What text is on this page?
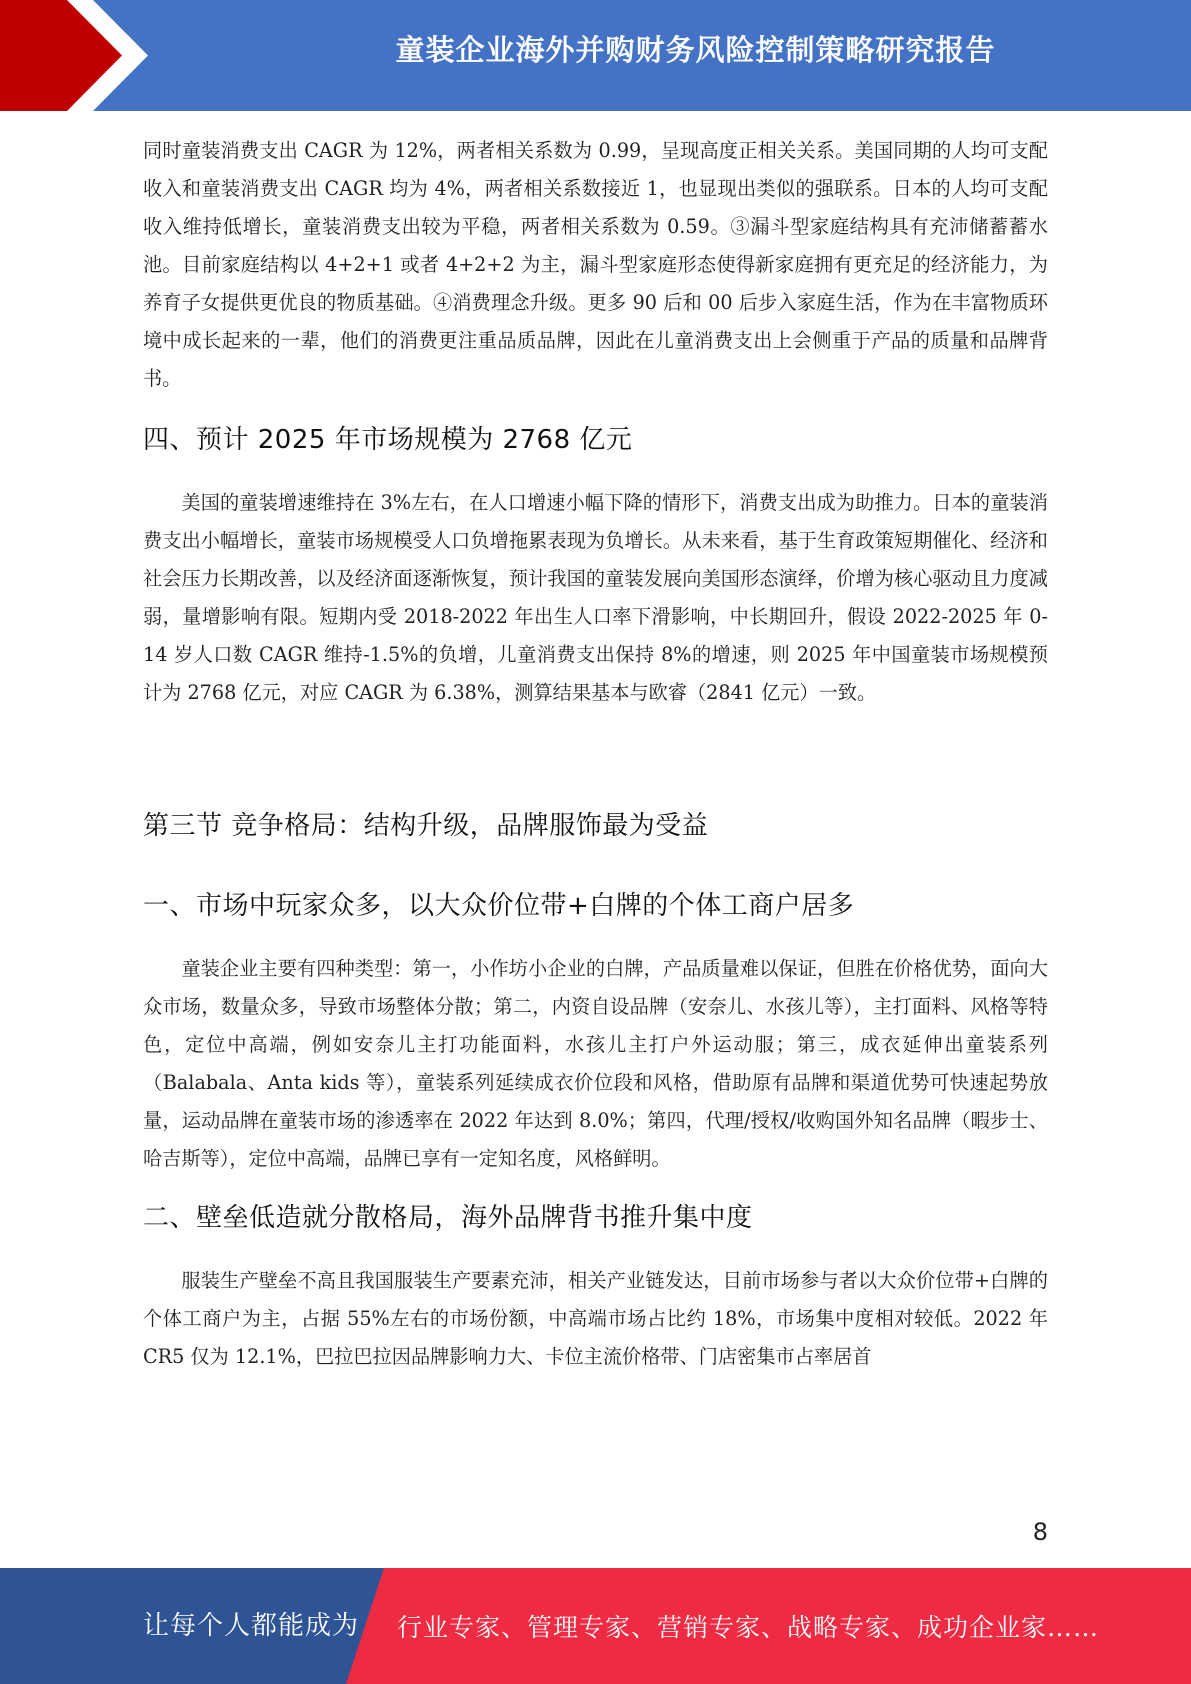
童装企业海外并购财务风险控制策略研究报告

同时童装消费支出 CAGR 为 12%，两者相关系数为 0.99，呈现高度正相关关系。美国同期的人均可支配收入和童装消费支出 CAGR 均为 4%，两者相关系数接近 1，也显现出类似的强联系。日本的人均可支配收入维持低增长，童装消费支出较为平稳，两者相关系数为 0.59。③漏斗型家庭结构具有充沛储蓄蓄水池。目前家庭结构以 4+2+1 或者 4+2+2 为主，漏斗型家庭形态使得新家庭拥有更充足的经济能力，为养育子女提供更优良的物质基础。④消费理念升级。更多 90 后和 00 后步入家庭生活，作为在丰富物质环境中成长起来的一辈，他们的消费更注重品质品牌，因此在儿童消费支出上会侧重于产品的质量和品牌背书。

四、预计 2025 年市场规模为 2768 亿元

美国的童装增速维持在 3%左右，在人口增速小幅下降的情形下，消费支出成为助推力。日本的童装消费支出小幅增长，童装市场规模受人口负增拖累表现为负增长。从未来看，基于生育政策短期催化、经济和社会压力长期改善，以及经济面逐渐恢复，预计我国的童装发展向美国形态演绎，价增为核心驱动且力度减弱，量增影响有限。短期内受 2018-2022 年出生人口率下滑影响，中长期回升，假设 2022-2025 年 0-14 岁人口数 CAGR 维持-1.5%的负增，儿童消费支出保持 8%的增速，则 2025 年中国童装市场规模预计为 2768 亿元，对应 CAGR 为 6.38%，测算结果基本与欧睿（2841 亿元）一致。

第三节 竞争格局：结构升级，品牌服饰最为受益
一、市场中玩家众多，以大众价位带+白牌的个体工商户居多

童装企业主要有四种类型：第一，小作坊小企业的白牌，产品质量难以保证，但胜在价格优势，面向大众市场，数量众多，导致市场整体分散；第二，内资自设品牌（安奈儿、水孩儿等），主打面料、风格等特色，定位中高端，例如安奈儿主打功能面料，水孩儿主打户外运动服；第三，成衣延伸出童装系列（Balabala、Anta kids 等），童装系列延续成衣价位段和风格，借助原有品牌和渠道优势可快速起势放量，运动品牌在童装市场的渗透率在 2022 年达到 8.0%；第四，代理/授权/收购国外知名品牌（暇步士、哈吉斯等），定位中高端，品牌已享有一定知名度，风格鲜明。

二、壁垒低造就分散格局，海外品牌背书推升集中度

服装生产壁垒不高且我国服装生产要素充沛，相关产业链发达，目前市场参与者以大众价位带+白牌的个体工商户为主，占据 55%左右的市场份额，中高端市场占比约 18%，市场集中度相对较低。2022 年 CR5 仅为 12.1%，巴拉巴拉因品牌影响力大、卡位主流价格带、门店密集市占率居首

8
让每个人都能成为 行业专家、管理专家、营销专家、战略专家、成功企业家……
